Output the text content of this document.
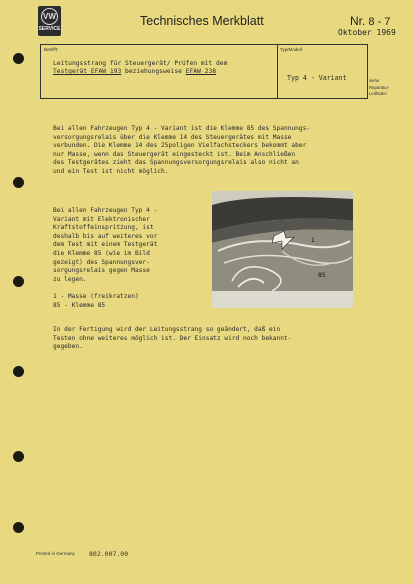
VW
SERVICE
Technisches Merkblatt	Nr. 8 - 7
Oktober 1969
Betrifft:	Typ/Modell:
Leitungsstrang für Steuergerät/ Prüfen mit dem
Testgerät EFAW 193 beziehungsweise EFAW 238
Typ 4 - Variant	siehe
Reparatur-
Leitfaden
Bei allen Fahrzeugen Typ 4 - Variant ist die Klemme 85 des Spannungs-
versorgungsrelais über die Klemme 14 des Steuergerätes mit Masse
verbunden. Die Klemme 14 des 25poligen Vielfachsteckers bekommt aber
nur Masse, wenn das Steuergerät eingesteckt ist. Beim Anschließen
des Testgerätes zieht das Spannungsversorgungsrelais also nicht an
und ein Test ist nicht möglich.
Bei allen Fahrzeugen Typ 4 -
Variant mit Elektronischer
Kraftstoffeinspritzung, ist
deshalb bis auf weiteres vor
dem Test mit einem Testgerät
die Klemme 85 (wie im Bild
gezeigt) des Spannungsver-
sorgungsrelais gegen Masse
zu legen.
1 - Masse (freikratzen)
85 - Klemme 85
1
85
In der Fertigung wird der Leitungsstrang so geändert, daß ein
Testen ohne weiteres möglich ist. Der Einsatz wird noch bekannt-
gegeben.
Printed in Germany 802.007.00
